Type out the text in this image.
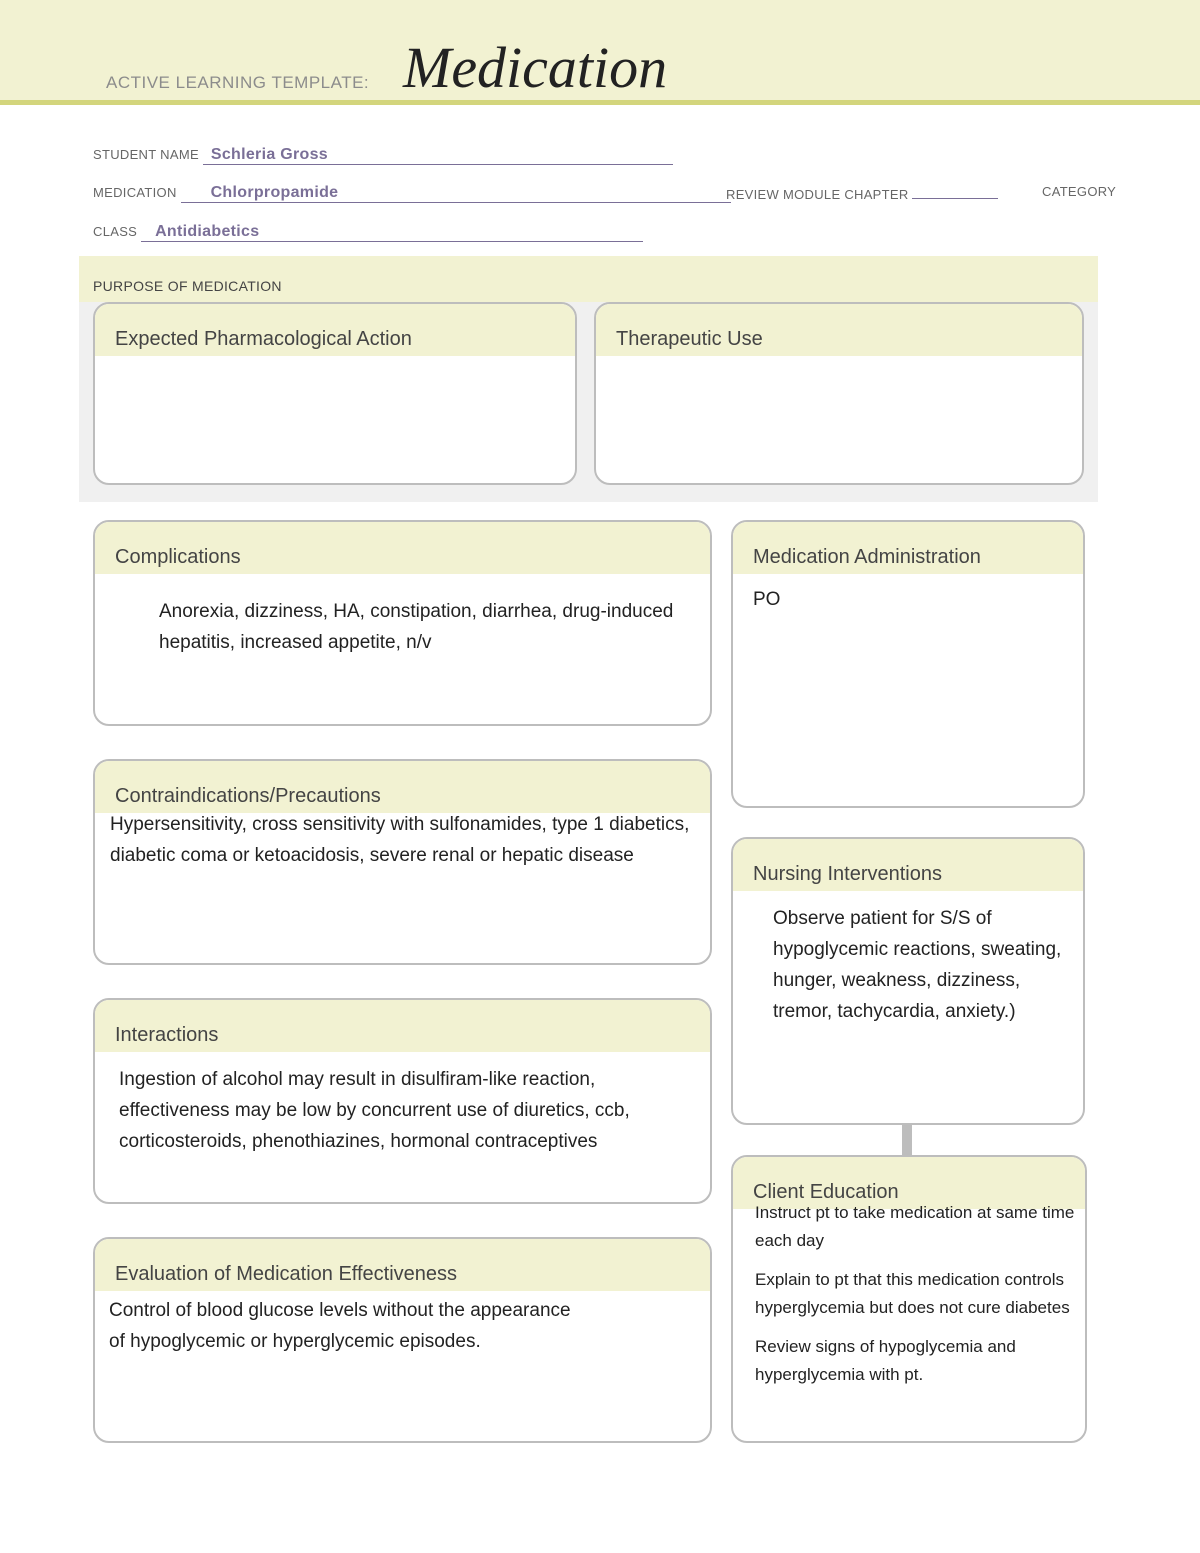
ACTIVE LEARNING TEMPLATE: Medication
STUDENT NAME Schleria Gross
MEDICATION Chlorpropamide	REVIEW MODULE CHAPTER	CATEGORY
CLASS Antidiabetics
PURPOSE OF MEDICATION
Expected Pharmacological Action	Therapeutic Use
Complications
Anorexia, dizziness, HA, constipation, diarrhea, drug-induced hepatitis, increased appetite, n/v
Contraindications/Precautions
Hypersensitivity, cross sensitivity with sulfonamides, type 1 diabetics, diabetic coma or ketoacidosis, severe renal or hepatic disease
Interactions
Ingestion of alcohol may result in disulfiram-like reaction, effectiveness may be low by concurrent use of diuretics, ccb, corticosteroids, phenothiazines, hormonal contraceptives
Evaluation of Medication Effectiveness
Control of blood glucose levels without the appearance of hypoglycemic or hyperglycemic episodes.
Medication Administration
PO
Nursing Interventions
Observe patient for S/S of hypoglycemic reactions, sweating, hunger, weakness, dizziness, tremor, tachycardia, anxiety.)
Client Education

Instruct pt to take medication at same time each day

Explain to pt that this medication controls hyperglycemia but does not cure diabetes

Review signs of hypoglycemia and hyperglycemia with pt.
